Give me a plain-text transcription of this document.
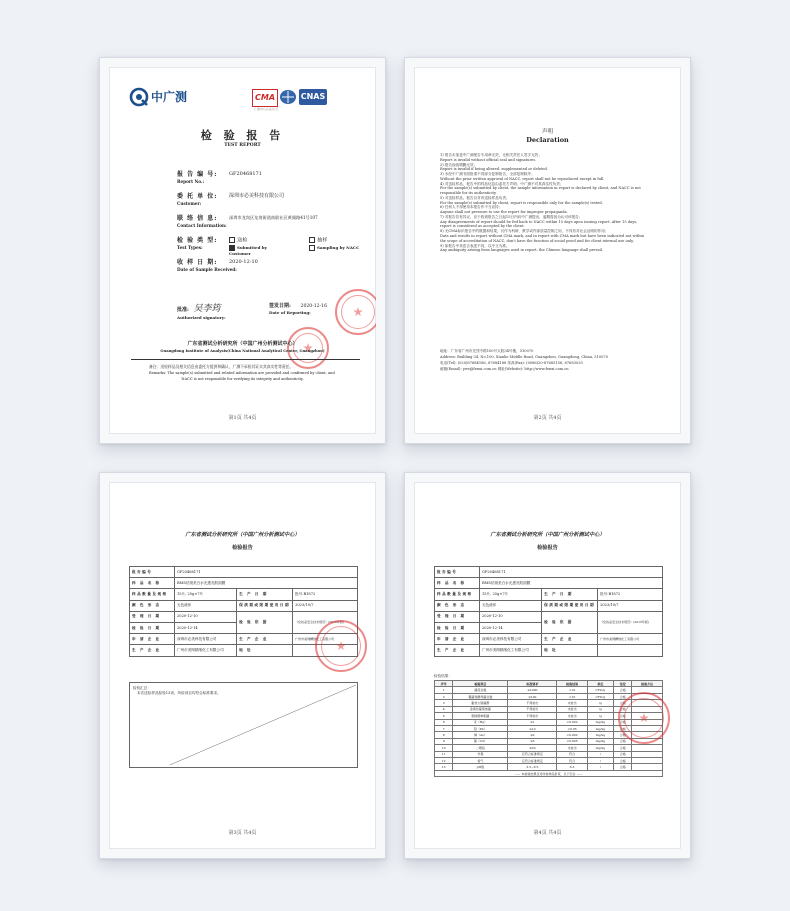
中广测	CMA	CNAS
广测中心认证认可
检 验 报 告
TEST REPORT
报 告 编 号:
Report No.:
GF20468171
委 托 单 位:
Customer:
深圳市必美科技有限公司
联 络 信 息:
Contact Information:
深圳市龙岗区龙岗街道南联社区黄阁路41号107
检 验 类 型:
Test Types:
送检
Submitted by Customer
抽样
Sampling by NACC
收 样 日 期:
Date of Sample Received:
2020-12-10
批准: 吴李筠
Authorized signatory:
签发日期: 2020-12-16
Date of Reporting:
广东省测试分析研究所（中国广州分析测试中心）
Guangdong Institute of Analysis(China National Analytical Center, Guangzhou)
备注：送检样品及相关信息由委托方提供和确认，广测不承担其证实其真实性等责任。
Remarks: The sample(s) submitted and related information are provided and confirmed by client, and
NACC is not responsible for verifying its integrity and authenticity.
第1页 共4页
声明
Declaration
1) 报告未加盖中广测报告专用章无效，无相关责任人签字无效；
Report is invalid without official seal and signatures.
2) 报告涂改增删无效；
Report is invalid if being altered, supplemented or deleted.
3) 未经中广测书面批准不得部分复制报告，全部复制除外；
Without the prior written approval of NACC, report shall not be reproduced except in full.
4) 对送检样品，报告中的样品信息由委托方声明，中广测不对其真实性负责；
For the sample(s) submitted by client, the sample information in report is declared by client, and NACC is not
responsible for its authenticity.
5) 对送检样品，报告仅对该送检样品负责；
For the sample(s) submitted by client, report is responsible only for the sample(s) tested.
6) 任何人不得使用本报告作不当宣传；
Anyone shall not pressure to use the report for improper propaganda.
7) 对报告若有异议，应于收到报告之日起15日内向中广测提出，逾期将视为认可该报告；
Any disagreements of report should be fed back to NACC within 15 days upon issuing report. After 15 days,
report is considered as accepted by the client.
8) 无CMA标识报告中的数据和结果，仅作为科研、教学或内部质量控制之用，不具有对社会证明的作用；
Data and results in report without CMA mark, and in report with CMA mark but have been indicated not within
the scope of accreditation of NACC, don't have the function of social proof and for client internal use only.
9) 如报告中英语言表述不同，以中文为准。
Any ambiguity arising from languages used in report, the Chinese language shall prevail.
地址：广东省广州市先烈中路100号大院34号楼，510070
Address: Building 34, No.100, Xianlie Middle Road, Guangzhou, Guangdong, China, 510070
电话(Tel): (020)87684186, 87684188 传真(Fax): (0086)20-87685158, 87683020
邮箱(Email): yws@fenxi.com.cn 网址(Website): http://www.fenxi.com.cn
第2页 共4页
广东省测试分析研究所（中国广州分析测试中心）
检验报告
报告编号	GF20468171		
样 品 名 称	BMS祛斑美白水光透亮肌面膜		
样品数量及规格	15片, 25g×7片	生 产 日 期	批号:B1872
颜 色 形 态	无色液体	保质期或限期使用日期	2023/10/7
受 理 日 期	2020-12-10	检 验 依 据	《化妆品安全技术规范》(2015年版)
检 验 日 期	2020-12-14		
申 请 企 业	深圳市必美科技有限公司	生 产 企 业	广州市美网精细化工有限公司
生 产 企 业	广州市美网精细化工有限公司	地 址	
检验汇总：
本次送检样品检验13项，所检项目均符合标准要求。
第3页 共4页
广东省测试分析研究所（中国广州分析测试中心）
检验报告
报告编号	GF20468171		
样 品 名 称	BMS祛斑美白水光透亮肌面膜		
样品数量及规格	15片, 25g×7片	生 产 日 期	批号:B1872
颜 色 形 态	无色液体	保质期或限期使用日期	2023/10/7
受 理 日 期	2020-12-10	检 验 依 据	《化妆品安全技术规范》(2015年版)
检 验 日 期	2020-12-14		
申 请 企 业	深圳市必美科技有限公司	生 产 企 业	广州市美网精细化工有限公司
生 产 企 业	广州市美网精细化工有限公司	地 址	
检验结果：
序号	检验项目	标准要求	检验结果	单位	结论	检验方法
1	菌落总数	≤1000	<10	CFU/g	合格	
2	霉菌和酵母菌总数	≤100	<10	CFU/g	合格	
3	耐热大肠菌群	不得检出	未检出	/g	合格	
4	金黄色葡萄球菌	不得检出	未检出	/g	合格	
5	铜绿假单胞菌	不得检出	未检出	/g	合格	
6	汞（Hg）	≤1	<0.002	mg/kg	合格	
7	铅（Pb）	≤10	<0.05	mg/kg	合格	
8	砷（As）	≤2	<0.002	mg/kg	合格	
9	镉（Cd）	≤5	<0.005	mg/kg	合格	
10	二噁烷	≤30	未检出	mg/kg	合格	
11	外观	应符合标准规定	符合	/	合格	
12	香气	应符合标准规定	符合	/	合格	
13	pH值	3.5~8.5	6.3	/	合格	
—— 本检验结果仅对所检样品负责，以下空白 ——						
第4页 共4页
